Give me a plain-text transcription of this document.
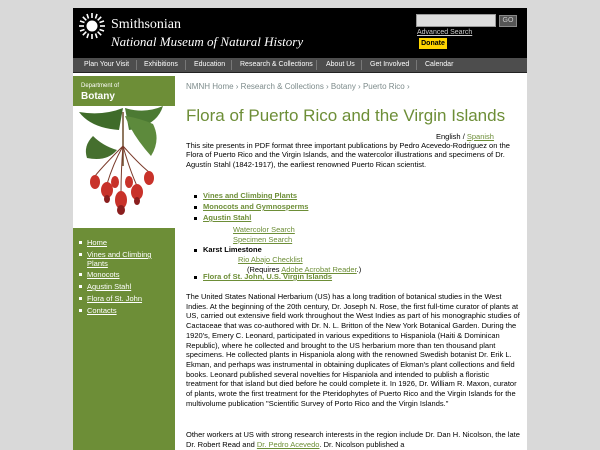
Smithsonian
National Museum of Natural History
GO
Advanced Search
Donate
Plan Your Visit Exhibitions Education Research & Collections About Us Get Involved Calendar
Department of
Botany
Home
Vines and Climbing Plants
Monocots
Agustin Stahl
Flora of St. John
Contacts
NMNH Home › Research & Collections › Botany › Puerto Rico ›
Flora of Puerto Rico and the Virgin Islands
English / Spanish
This site presents in PDF format three important publications by Pedro Acevedo-Rodriguez on the Flora of Puerto Rico and the Virgin Islands, and the watercolor illustrations and specimens of Dr. Agustín Stahl (1842-1917), the earliest renowned Puerto Rican scientist.
Vines and Climbing Plants
Monocots and Gymnosperms
Agustin Stahl
Watercolor Search
Specimen Search
Karst Limestone
Rio Abajo Checklist
(Requires Adobe Acrobat Reader.)
Flora of St. John, U.S. Virgin Islands
The United States National Herbarium (US) has a long tradition of botanical studies in the West Indies. At the beginning of the 20th century, Dr. Joseph N. Rose, the first full-time curator of plants at US, carried out extensive field work throughout the West Indies as part of his monographic studies of Cactaceae that was co-authored with Dr. N. L. Britton of the New York Botanical Garden. During the 1920's, Emery C. Leonard, participated in various expeditions to Hispaniola (Haiti & Dominican Republic), where he collected and brought to the US herbarium more than ten thousand plant specimens. He collected plants in Hispaniola along with the renowned Swedish botanist Dr. Erik L. Ekman, and perhaps was instrumental in obtaining duplicates of Ekman's plant collections and field books. Leonard published several novelties for Hispaniola and intended to publish a floristic treatment for that island but died before he could complete it. In 1926, Dr. William R. Maxon, curator of plants, wrote the first treatment for the Pteridophytes of Puerto Rico and the Virgin Islands for the multivolume publication "Scientific Survey of Porto Rico and the Virgin Islands."
Other workers at US with strong research interests in the region include Dr. Dan H. Nicolson, the late Dr. Robert Read and Dr. Pedro Acevedo. Dr. Nicolson published a
